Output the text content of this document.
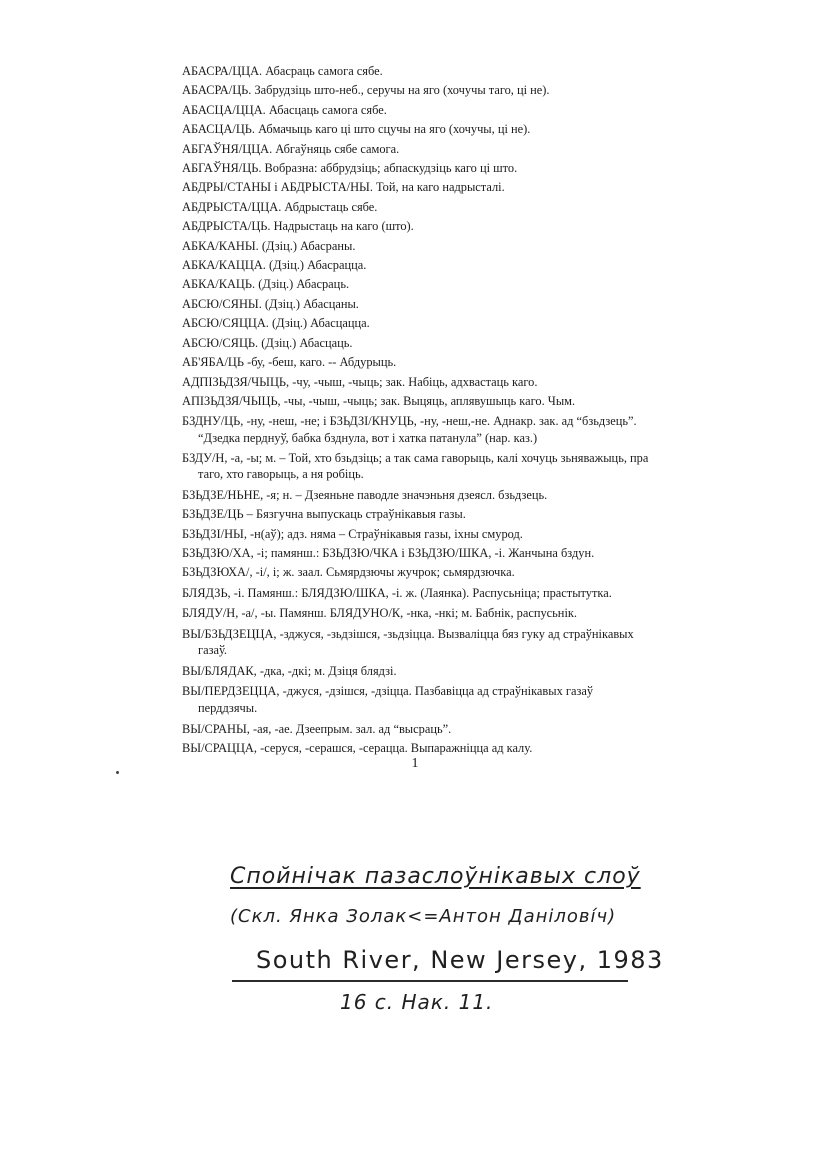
АБАСРА/ЦЦА. Абасраць самога сябе.

АБАСРА/ЦЬ. Забрудзіць што-неб., серучы на яго (хочучы таго, ці не).

АБАСЦА/ЦЦА. Абасцаць самога сябе.

АБАСЦА/ЦЬ. Абмачыць каго ці што сцучы на яго (хочучы, ці не).

АБГАЎНЯ/ЦЦА. Абгаўняць сябе самога.

АБГАЎНЯ/ЦЬ. Вобразна: аббрудзіць; абпаскудзіць каго ці што.

АБДРЫ/СТАНЫ і АБДРЫСТА/НЫ. Той, на каго надрысталі.

АБДРЫСТА/ЦЦА. Абдрыстаць сябе.

АБДРЫСТА/ЦЬ. Надрыстаць на каго (што).

АБКА/КАНЫ. (Дзіц.) Абасраны.

АБКА/КАЦЦА. (Дзіц.) Абасрацца.

АБКА/КАЦЬ. (Дзіц.) Абасраць.

АБСЮ/СЯНЫ. (Дзіц.) Абасцаны.

АБСЮ/СЯЦЦА. (Дзіц.) Абасцацца.

АБСЮ/СЯЦЬ. (Дзіц.) Абасцаць.

АБ'ЯБА/ЦЬ -бу, -беш, каго. -- Абдурыць.

АДПІЗЬДЗЯ/ЧЫЦЬ, -чу, -чыш, -чыць; зак. Набіць, адхвастаць каго.

АПІЗЬДЗЯ/ЧЫЦЬ, -чы, -чыш, -чыць; зак. Выцяць, аплявушыць каго. Чым.

БЗДНУ/ЦЬ, -ну, -неш, -не; і БЗЬДЗІ/КНУЦЬ, -ну, -неш,-не. Аднакр. зак. ад “бзьдзець”. “Дзедка перднуў, бабка бзднула, вот і хатка патанула” (нар. каз.)

БЗДУ/Н, -а, -ы; м. – Той, хто бзьдзіць; а так сама гаворыць, калі хочуць зьняважыць, пра таго, хто гаворыць, а ня робіць.

БЗЬДЗЕ/НЬНЕ, -я; н. – Дзеяньне паводле значэньня дзеясл. бзьдзець.

БЗЬДЗЕ/ЦЬ – Бязгучна выпускаць страўнікавыя газы.

БЗЬДЗІ/НЫ, -н(аў); адз. няма – Страўнікавыя газы, іхны смурод.

БЗЬДЗЮ/ХА, -і; памянш.: БЗЬДЗЮ/ЧКА і БЗЬДЗЮ/ШКА, -і. Жанчына бздун.

БЗЬДЗЮХА/, -і/, і; ж. заал. Сьмярдзючы жучрок; сьмярдзючка.

БЛЯДЗЬ, -і. Памянш.: БЛЯДЗЮ/ШКА, -і. ж. (Лаянка). Распусьніца; прастытутка.

БЛЯДУ/Н, -а/, -ы. Памянш. БЛЯДУНО/К, -нка, -нкі; м. Бабнік, распусьнік.

ВЫ/БЗЬДЗЕЦЦА, -зджуся, -зьдзішся, -зьдзіцца. Вызваліцца бяз гуку ад страўнікавых газаў.

ВЫ/БЛЯДАК, -дка, -дкі; м. Дзіця блядзі.

ВЫ/ПЕРДЗЕЦЦА, -джуся, -дзішся, -дзіцца. Пазбавіцца ад страўнікавых газаў перддзячы.

ВЫ/СРАНЫ, -ая, -ае. Дзеепрым. зал. ад “высраць”.

ВЫ/СРАЦЦА, -серуся, -серашся, -серацца. Выпаражніцца ад калу.

1
Спойнічак пазаслоўнікавых слоў
(Скл. Янка Золак<=Антон Данілові́ч)
South River, New Jersey, 1983
16 с. Нак. 11.
